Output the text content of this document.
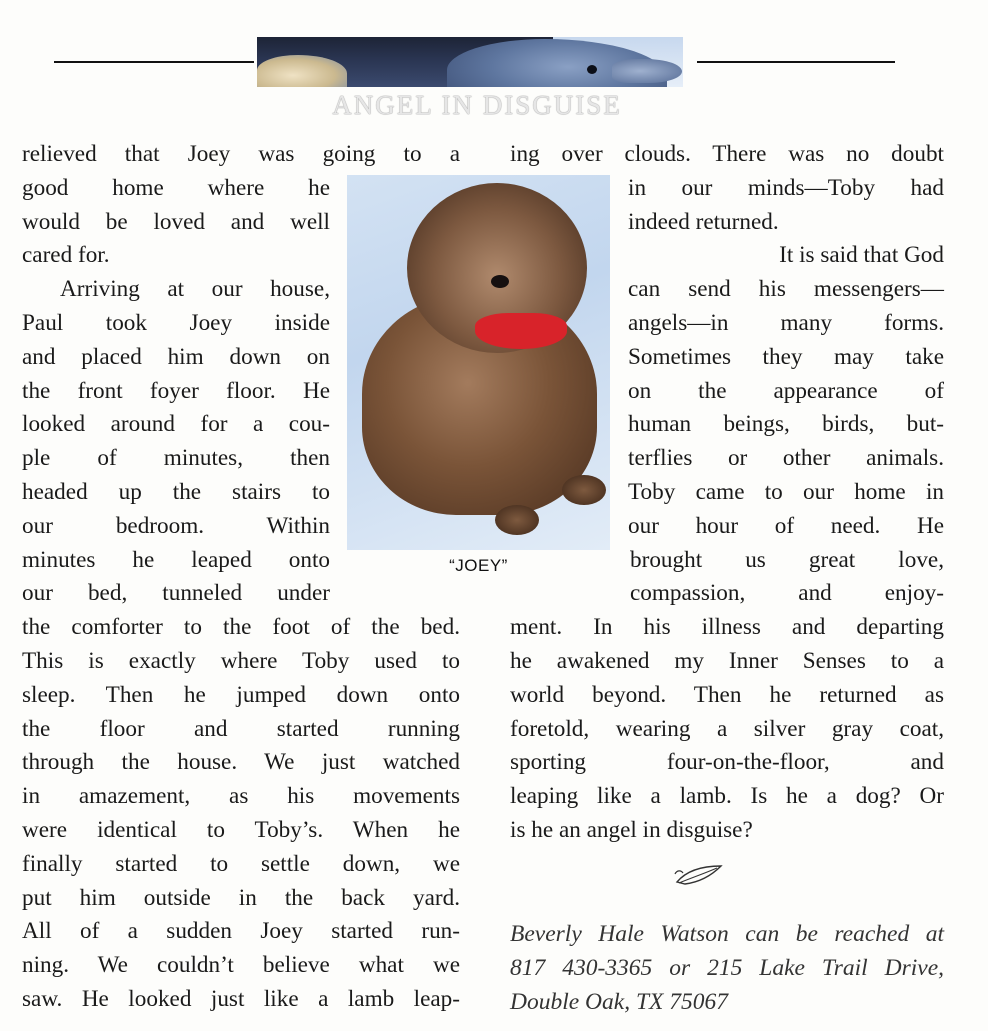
ANGEL IN DISGUISE
relieved that Joey was going to a
good home where he
would be loved and well
cared for.
Arriving at our house,
Paul took Joey inside
and placed him down on
the front foyer floor. He
looked around for a cou-
ple of minutes, then
headed up the stairs to
our bedroom. Within
minutes he leaped onto
our bed, tunneled under
the comforter to the foot of the bed.
This is exactly where Toby used to
sleep. Then he jumped down onto
the floor and started running
through the house. We just watched
in amazement, as his movements
were identical to Toby’s. When he
finally started to settle down, we
put him outside in the back yard.
All of a sudden Joey started run-
ning. We couldn’t believe what we
saw. He looked just like a lamb leap-
“JOEY”
ing over clouds. There was no doubt
in our minds—Toby had
indeed returned.
It is said that God
can send his messengers—
angels—in many forms.
Sometimes they may take
on the appearance of
human beings, birds, but-
terflies or other animals.
Toby came to our home in
our hour of need. He
brought us great love,
compassion, and enjoy-
ment. In his illness and departing
he awakened my Inner Senses to a
world beyond. Then he returned as
foretold, wearing a silver gray coat,
sporting four-on-the-floor, and
leaping like a lamb. Is he a dog? Or
is he an angel in disguise?
Beverly Hale Watson can be reached at
817 430-3365 or 215 Lake Trail Drive,
Double Oak, TX 75067
